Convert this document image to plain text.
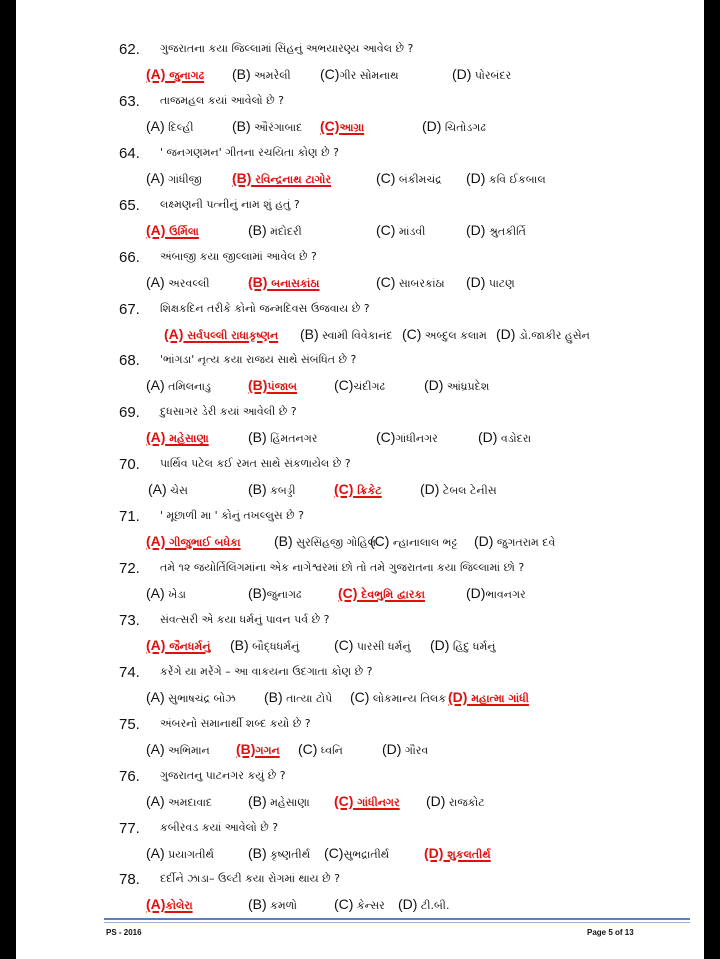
62. ગુજરાતના કયા જિલ્લામાં સિંહનું અભયારણ્ય આવેલ છે ?
(A) જુનાગઢ (B) અમરેલી (C)ગીર સોમનાથ	(D) પોરબંદર
63. તાજમહલ કયાં આવેલો છે ?
(A) દિલ્હી	(B) ઔરંગાબાદ (C)આગ્રા	(D) ચિતોડગઢ
64. ' જનગણમન' ગીતના રચયિતા કોણ છે ?
(A) ગાંધીજી (B) રવિન્દ્રનાથ ટાગોર	(C) બંકીમચંદ્ર (D) કવિ ઈકબાલ
65. લક્ષ્મણની પત્નીનું નામ શું હતું ?
(A) ઉર્મિલા	(B) મંદોદરી	(C) માંડવી	(D) શ્રુતકીર્તિ
66. અંબાજી કયા જીલ્લામાં આવેલ છે ?
(A) અરવલ્લી	(B) બનાસકાંઠા	(C) સાબરકાંઠા (D) પાટણ
67. શિક્ષકદિન તરીકે કોનો જન્મદિવસ ઉજવાય છે ?
(A) સર્વપલ્લી રાધાકૃષ્ણન (B) સ્વામી વિવેકાનંદ (C) અબ્દુલ કલામ (D) ડો.જાકીર હુસેન
68. 'ભાંગડા' નૃત્ય કયા રાજય સાથે સંબંધિત છે ?
(A) તમિલનાડુ	(B)પંજાબ	(C)ચંદીગઢ	(D) આંધ્રપ્રદેશ
69. દુધસાગર ડેરી કયાં આવેલી છે ?
(A) મહેસાણા	(B) હિંમતનગર	(C)ગાંધીનગર	(D) વડોદરા
70. પાર્થિવ પટેલ કઈ રમત સાથે સંકળાયેલ છે ?
(A) ચેસ	(B) કબડ્ડી	(C) ક્રિકેટ	(D) ટેબલ ટેનીસ
71. ' મૂછાળી મા ' કોનું તખલ્લુસ છે ?
(A) ગીજુભાઈ બધેકા (B) સુરસિંહજી ગોહિલ
(C) ન્હાનાલાલ ભટ્ટ (D) જુગતરામ દવે
72. તમે ૧૨ જયોર્તિલિંગમાંના એક નાગેશ્વરમાં છો તો તમે ગુજરાતના કયા જિલ્લામાં છો ?
(A) ખેડા	(B)જુનાગઢ	(C) દેવભુમિ દ્વારકા	(D)ભાવનગર
73. સંવત્સરી એ કયા ધર્મનું પાવન પર્વ છે ?
(A) જૈનધર્મનું (B) બૌદ્ધધર્મનું (C) પારસી ધર્મનું (D) હિંદુ ધર્મનું
74. કરેંગે યા મરેંગે – આ વાકયના ઉદગાતા કોણ છે ?
(A) સુભાષચંદ્ર બોઝ (B) તાત્યા ટોપે (C) લોકમાન્ય તિલક (D) મહાત્મા ગાંધી
75. અંબરનો સમાનાર્થી શબ્દ કયો છે ?
(A) અભિમાન (B)ગગન (C) ધ્વનિ	(D) ગૌરવ
76. ગુજરાતનુ પાટનગર કયું છે ?
(A) અમદાવાદ	(B) મહેસાણા (C) ગાંધીનગર (D) રાજકોટ
77. કબીરવડ કયાં આવેલો છે ?
(A) પ્રયાગતીર્થ (B) કૃષ્ણતીર્થ (C)સુભદ્રાતીર્થ (D) શુકલતીર્થ
78. દર્દીને ઝાડા– ઉલ્ટી કયા રોગમાં થાય છે ?
(A)કોલેરા	(B) કમળો	(C) કેન્સર (D) ટી.બી.
PS - 2016	Page 5 of 13
